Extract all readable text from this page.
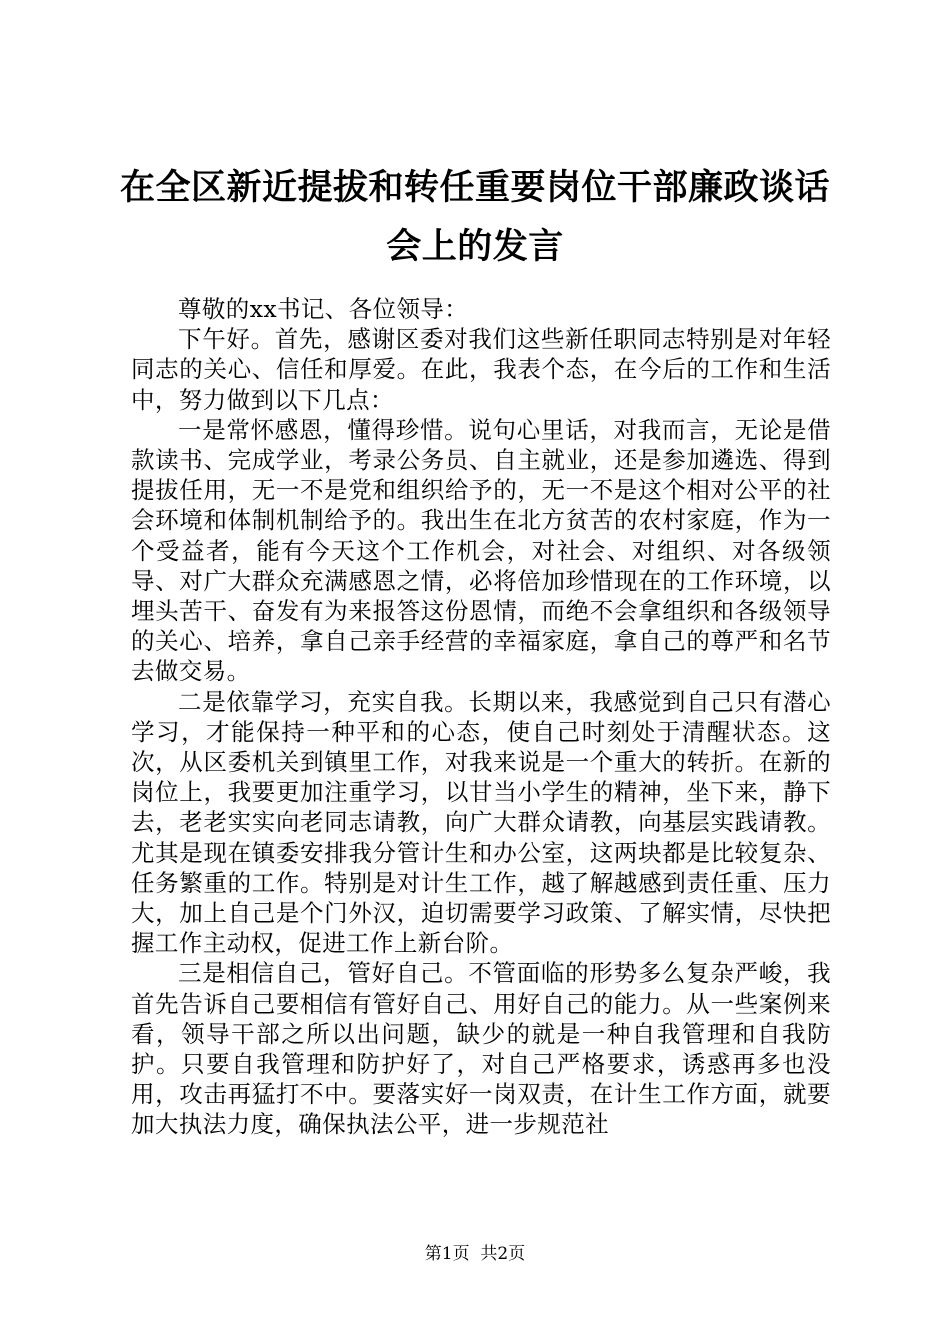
在全区新近提拔和转任重要岗位干部廉政谈话
会上的发言

尊敬的xx书记、各位领导：

下午好。首先，感谢区委对我们这些新任职同志特别是对年轻同志的关心、信任和厚爱。在此，我表个态，在今后的工作和生活中，努力做到以下几点：

一是常怀感恩，懂得珍惜。说句心里话，对我而言，无论是借款读书、完成学业，考录公务员、自主就业，还是参加遴选、得到提拔任用，无一不是党和组织给予的，无一不是这个相对公平的社会环境和体制机制给予的。我出生在北方贫苦的农村家庭，作为一个受益者，能有今天这个工作机会，对社会、对组织、对各级领导、对广大群众充满感恩之情，必将倍加珍惜现在的工作环境，以埋头苦干、奋发有为来报答这份恩情，而绝不会拿组织和各级领导的关心、培养，拿自己亲手经营的幸福家庭，拿自己的尊严和名节去做交易。

二是依靠学习，充实自我。长期以来，我感觉到自己只有潜心学习，才能保持一种平和的心态，使自己时刻处于清醒状态。这次，从区委机关到镇里工作，对我来说是一个重大的转折。在新的岗位上，我要更加注重学习，以甘当小学生的精神，坐下来，静下去，老老实实向老同志请教，向广大群众请教，向基层实践请教。尤其是现在镇委安排我分管计生和办公室，这两块都是比较复杂、任务繁重的工作。特别是对计生工作，越了解越感到责任重、压力大，加上自己是个门外汉，迫切需要学习政策、了解实情，尽快把握工作主动权，促进工作上新台阶。

三是相信自己，管好自己。不管面临的形势多么复杂严峻，我首先告诉自己要相信有管好自己、用好自己的能力。从一些案例来看，领导干部之所以出问题，缺少的就是一种自我管理和自我防护。只要自我管理和防护好了，对自己严格要求，诱惑再多也没用，攻击再猛打不中。要落实好一岗双责，在计生工作方面，就要加大执法力度，确保执法公平，进一步规范社

第1页  共2页
